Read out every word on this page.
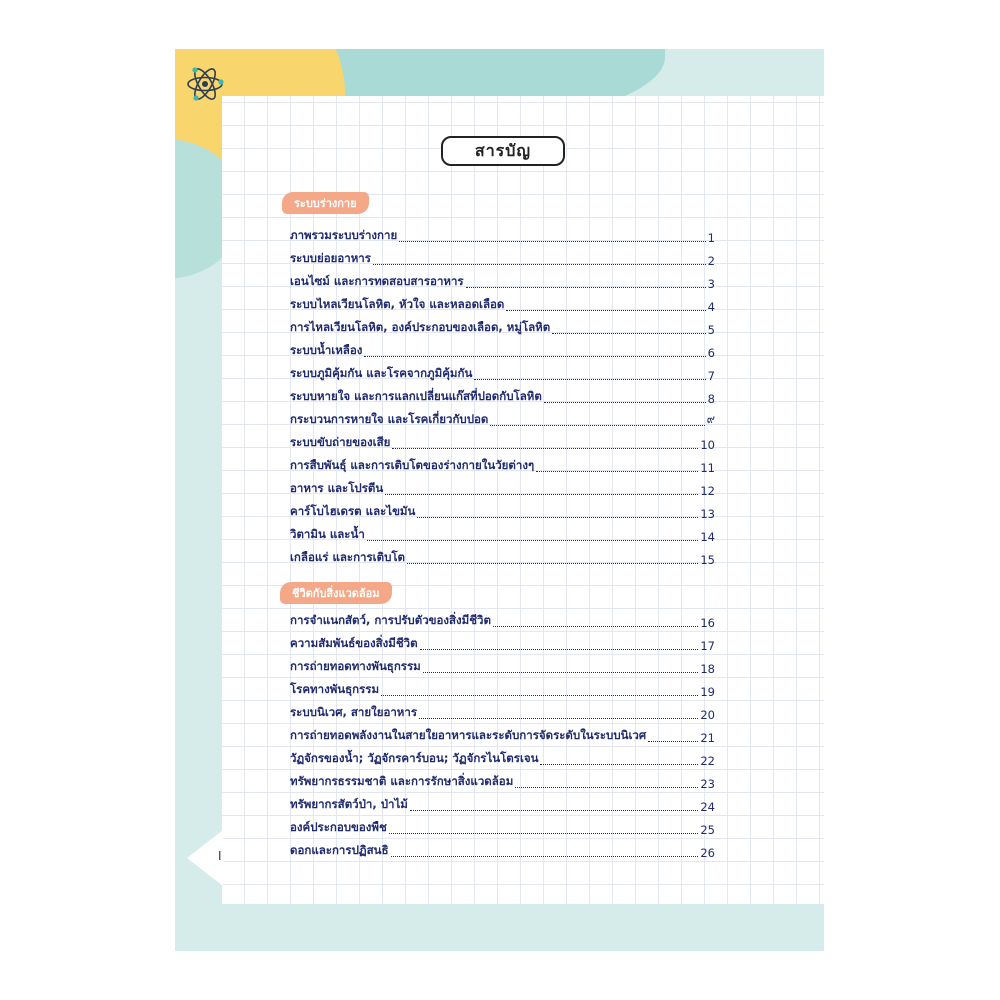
I
สารบัญ
ระบบร่างกาย
ชีวิตกับสิ่งแวดล้อม
ภาพรวมระบบร่างกาย	1
ระบบย่อยอาหาร	2
เอนไซม์ และการทดสอบสารอาหาร	3
ระบบไหลเวียนโลหิต, หัวใจ และหลอดเลือด	4
การไหลเวียนโลหิต, องค์ประกอบของเลือด, หมู่โลหิต	5
ระบบน้ำเหลือง	6
ระบบภูมิคุ้มกัน และโรคจากภูมิคุ้มกัน	7
ระบบหายใจ และการแลกเปลี่ยนแก๊สที่ปอดกับโลหิต	8
กระบวนการหายใจ และโรคเกี่ยวกับปอด	๙
ระบบขับถ่ายของเสีย	10
การสืบพันธุ์ และการเติบโตของร่างกายในวัยต่างๆ	11
อาหาร และโปรตีน	12
คาร์โบไฮเดรต และไขมัน	13
วิตามิน และน้ำ	14
เกลือแร่ และการเติบโต	15
การจำแนกสัตว์, การปรับตัวของสิ่งมีชีวิต	16
ความสัมพันธ์ของสิ่งมีชีวิต	17
การถ่ายทอดทางพันธุกรรม	18
โรคทางพันธุกรรม	19
ระบบนิเวศ, สายใยอาหาร	20
การถ่ายทอดพลังงานในสายใยอาหารและระดับการจัดระดับในระบบนิเวศ	21
วัฏจักรของน้ำ; วัฏจักรคาร์บอน; วัฏจักรไนโตรเจน	22
ทรัพยากรธรรมชาติ และการรักษาสิ่งแวดล้อม	23
ทรัพยากรสัตว์ป่า, ป่าไม้	24
องค์ประกอบของพืช	25
ดอกและการปฏิสนธิ	26
